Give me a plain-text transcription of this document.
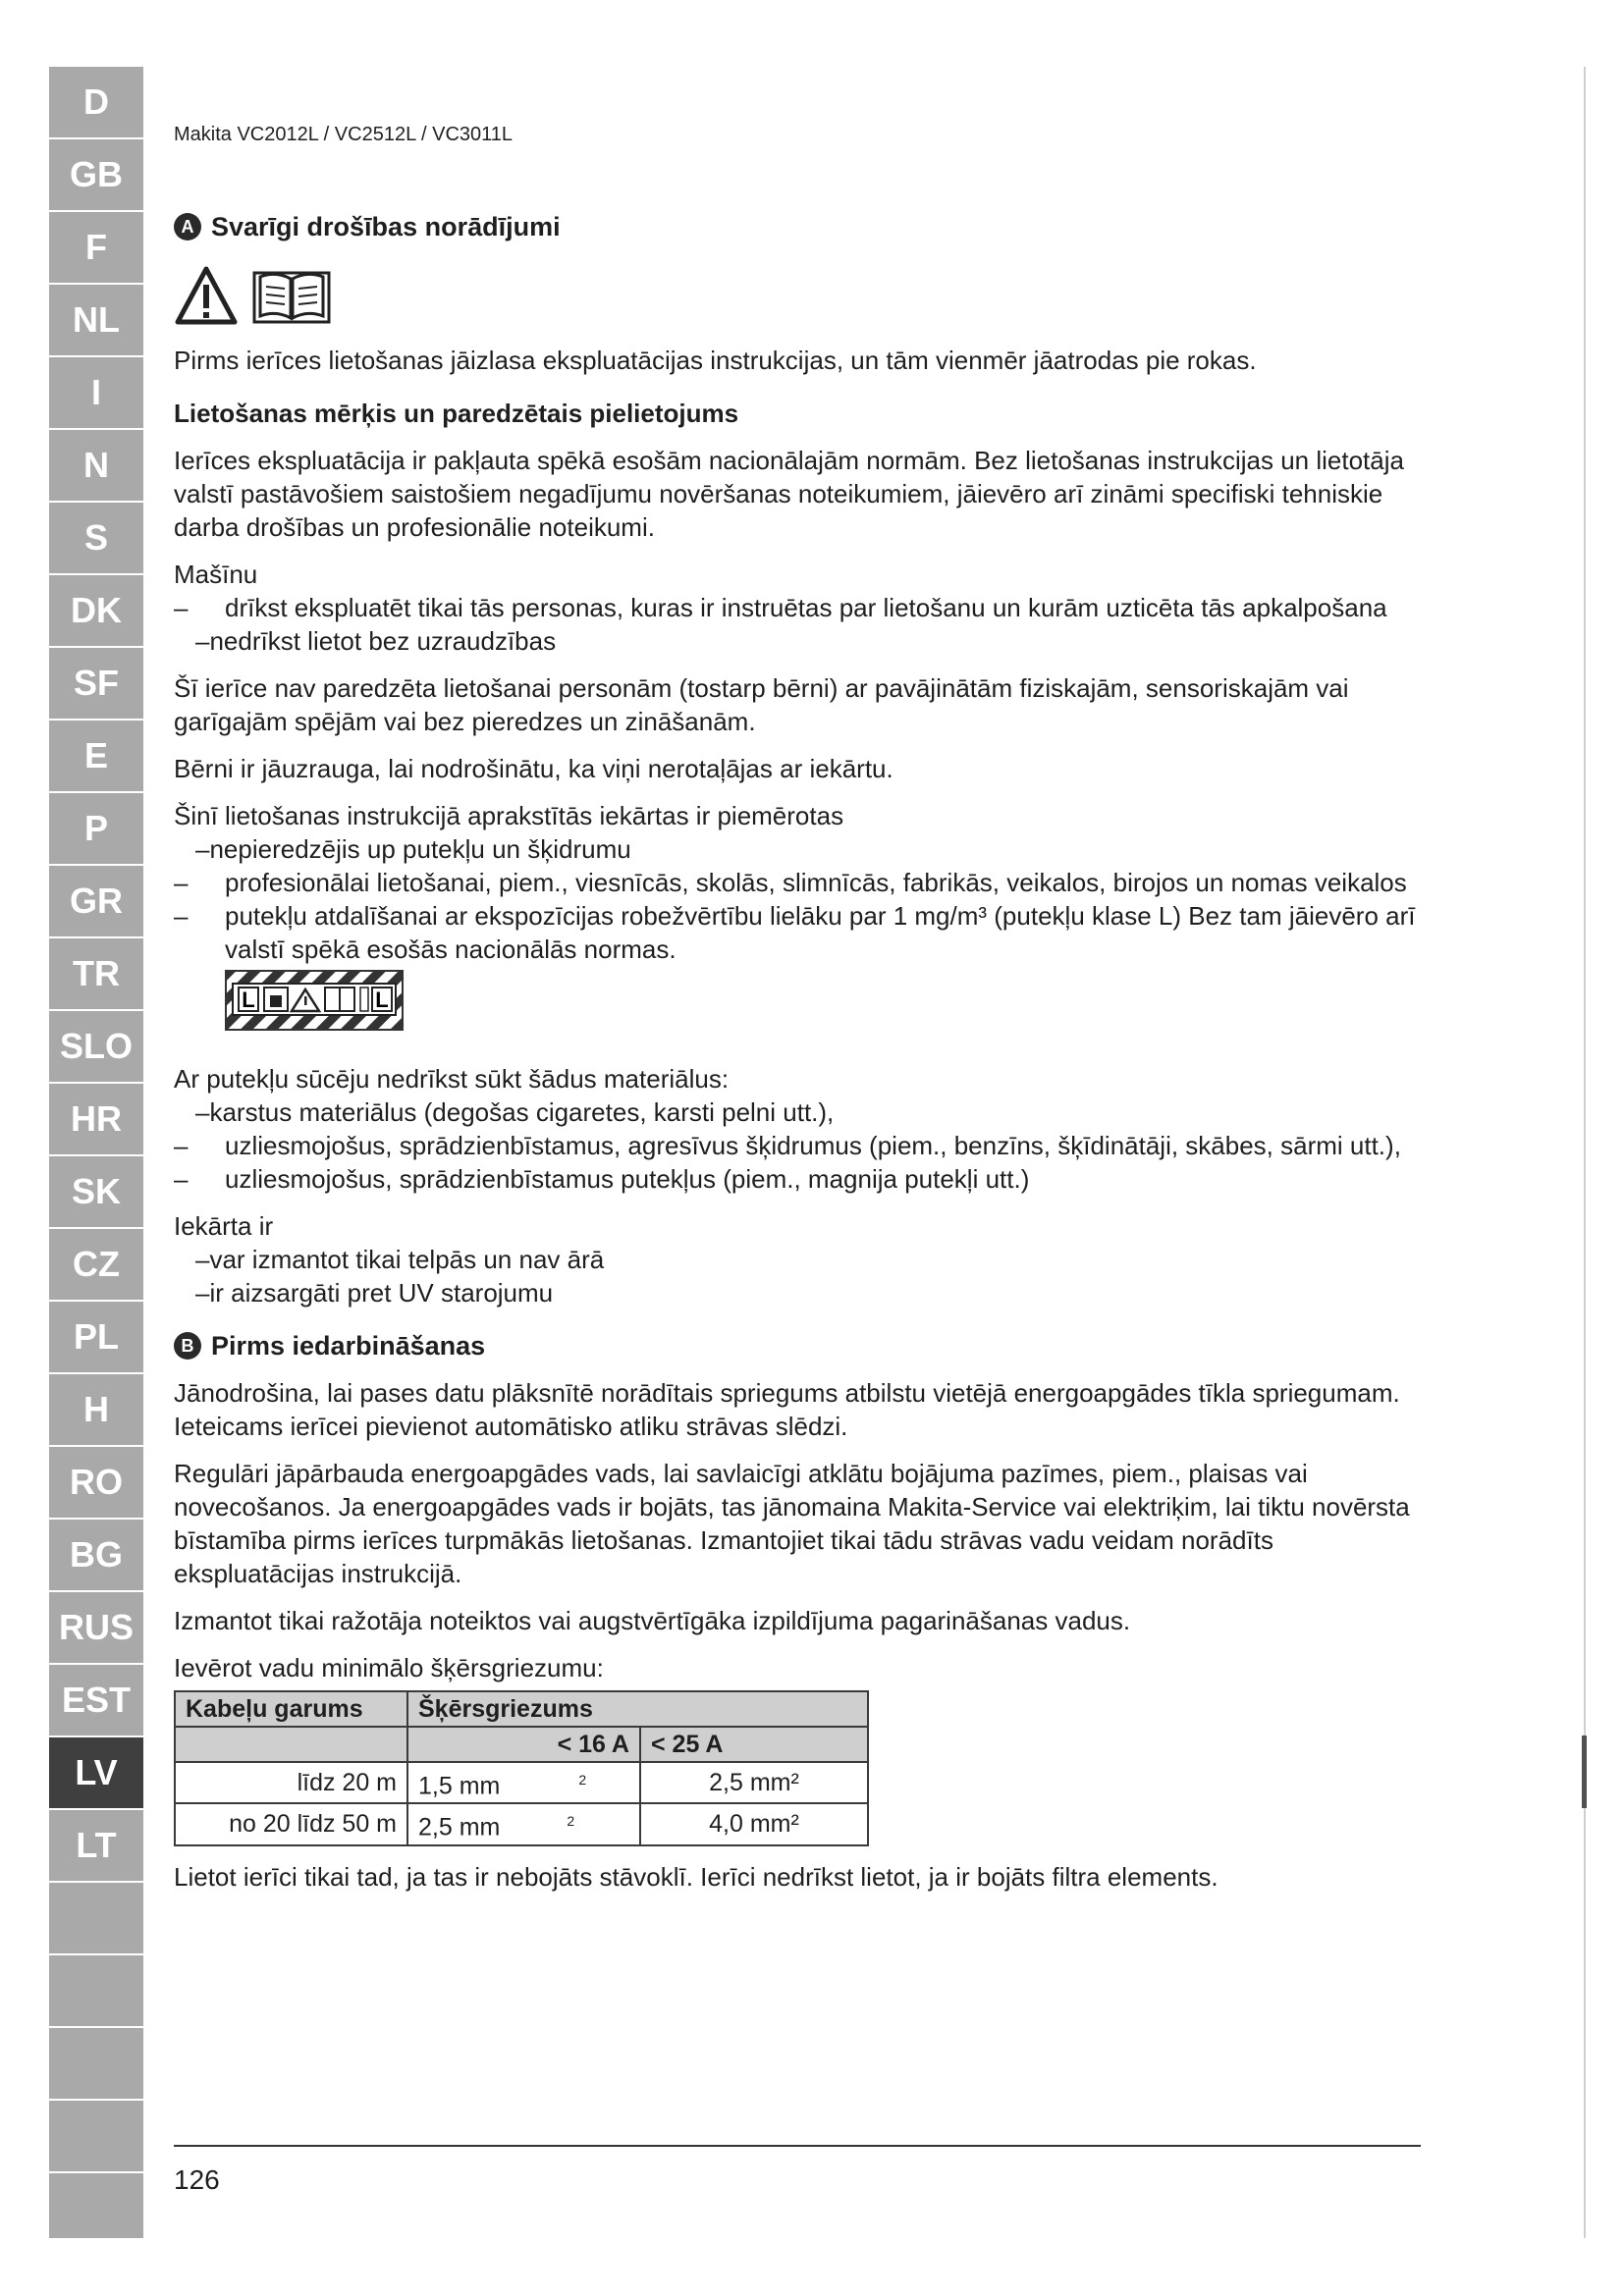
D
GB
F
NL
I
N
S
DK
SF
E
P
GR
TR
SLO
HR
SK
CZ
PL
H
RO
BG
RUS
EST
LV
LT
Makita VC2012L / VC2512L / VC3011L
A Svarīgi drošības norādījumi

Pirms ierīces lietošanas jāizlasa ekspluatācijas instrukcijas, un tām vienmēr jāatrodas pie rokas.

Lietošanas mērķis un paredzētais pielietojums

Ierīces ekspluatācija ir pakļauta spēkā esošām nacionālajām normām. Bez lietošanas instrukcijas un lietotāja valstī pastāvošiem saistošiem negadījumu novēršanas noteikumiem, jāievēro arī zināmi specifiski tehniskie darba drošības un profesionālie noteikumi.

Mašīnu
–	drīkst ekspluatēt tikai tās personas, kuras ir instruētas par lietošanu un kurām uzticēta tās apkalpošana
–nedrīkst lietot bez uzraudzības

Šī ierīce nav paredzēta lietošanai personām (tostarp bērni) ar pavājinātām fiziskajām, sensoriskajām vai garīgajām spējām vai bez pieredzes un zināšanām.

Bērni ir jāuzrauga, lai nodrošinātu, ka viņi nerotaļājas ar iekārtu.

Šinī lietošanas instrukcijā aprakstītās iekārtas ir piemērotas
–nepieredzējis up putekļu un šķidrumu
–	profesionālai lietošanai, piem., viesnīcās, skolās, slimnīcās, fabrikās, veikalos, birojos un nomas veikalos
–	putekļu atdalīšanai ar ekspozīcijas robežvērtību lielāku par 1 mg/m³ (putekļu klase L) Bez tam jāievēro arī valstī spēkā esošās nacionālās normas.
L	L
Ar putekļu sūcēju nedrīkst sūkt šādus materiālus:
–karstus materiālus (degošas cigaretes, karsti pelni utt.),
–	uzliesmojošus, sprādzienbīstamus, agresīvus šķidrumus (piem., benzīns, šķīdinātāji, skābes, sārmi utt.),
–	uzliesmojošus, sprādzienbīstamus putekļus (piem., magnija putekļi utt.)
Iekārta ir
–var izmantot tikai telpās un nav ārā
–ir aizsargāti pret UV starojumu
B Pirms iedarbināšanas

Jānodrošina, lai pases datu plāksnītē norādītais spriegums atbilstu vietējā energoapgādes tīkla spriegumam. Ieteicams ierīcei pievienot automātisko atliku strāvas slēdzi.

Regulāri jāpārbauda energoapgādes vads, lai savlaicīgi atklātu bojājuma pazīmes, piem., plaisas vai novecošanos. Ja energoapgādes vads ir bojāts, tas jānomaina Makita-Service vai elektriķim, lai tiktu novērsta bīstamība pirms ierīces turpmākās lietošanas. Izmantojiet tikai tādu strāvas vadu veidam norādīts ekspluatācijas instrukcijā.

Izmantot tikai ražotāja noteiktos vai augstvērtīgāka izpildījuma pagarināšanas vadus.

Ievērot vadu minimālo šķērsgriezumu:
Kabeļu garums	Šķērsgriezums	
	< 16 A	< 25 A
līdz 20 m	1,5 mm $^2$	2,5 mm²
no 20 līdz 50 m	2,5 mm $^2$	4,0 mm²

Lietot ierīci tikai tad, ja tas ir nebojāts stāvoklī. Ierīci nedrīkst lietot, ja ir bojāts filtra elements.

126
